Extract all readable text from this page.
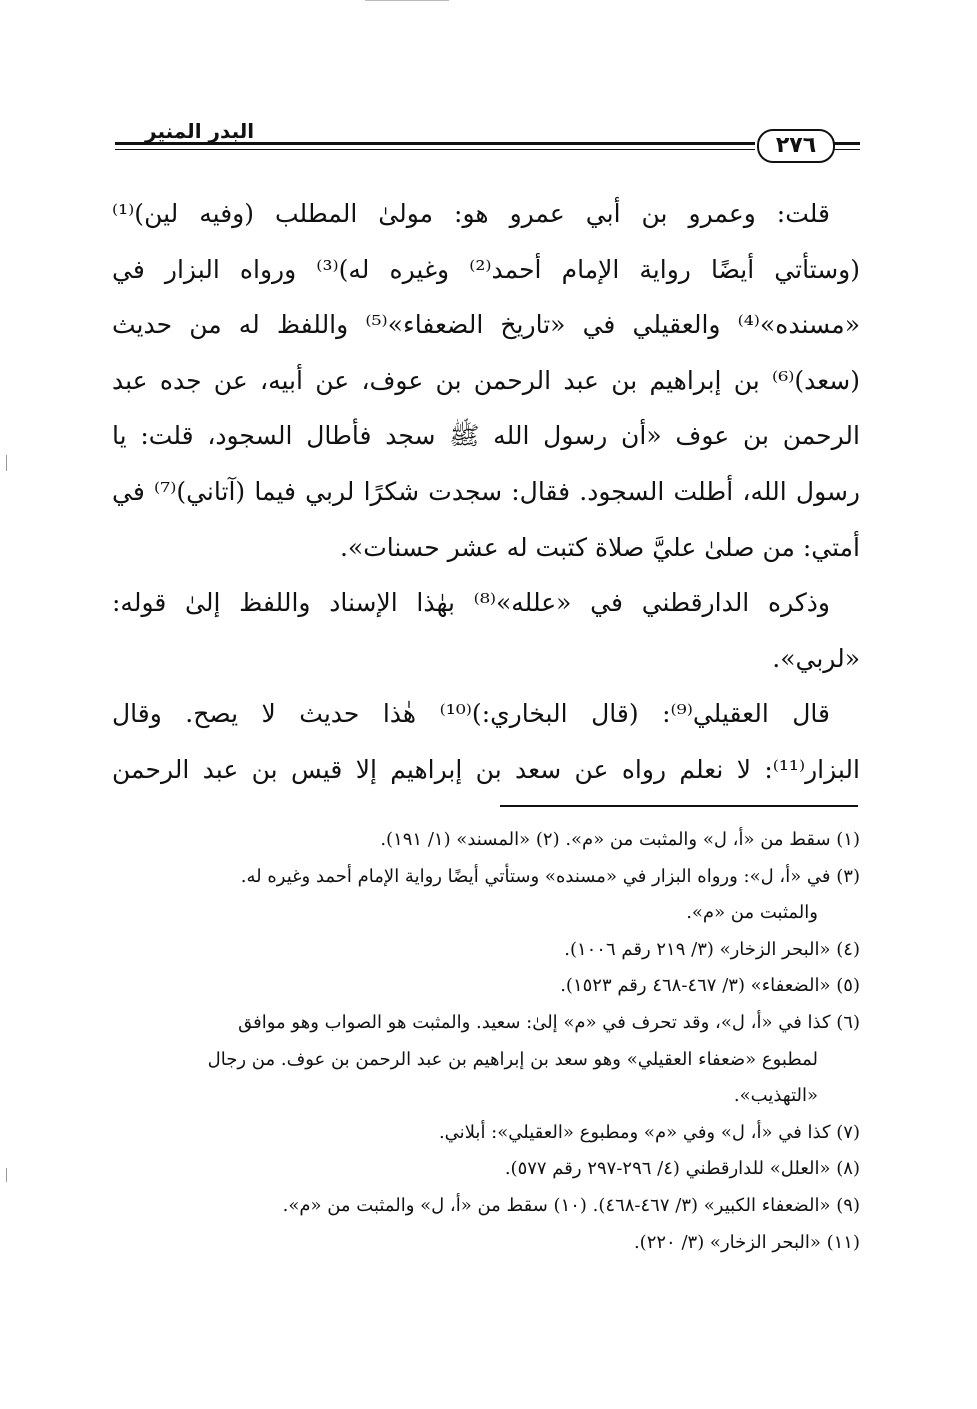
البدر المنير
٢٧٦
قلت: وعمرو بن أبي عمرو هو: مولىٰ المطلب (وفيه لين)⁽¹⁾
(وستأتي أيضًا رواية الإمام أحمد⁽²⁾ وغيره له)⁽³⁾ ورواه البزار في
«مسنده»⁽⁴⁾ والعقيلي في «تاريخ الضعفاء»⁽⁵⁾ واللفظ له من حديث
(سعد)⁽⁶⁾ بن إبراهيم بن عبد الرحمن بن عوف، عن أبيه، عن جده عبد
الرحمن بن عوف «أن رسول الله ﷺ سجد فأطال السجود، قلت: يا
رسول الله، أطلت السجود. فقال: سجدت شكرًا لربي فيما (آتاني)⁽⁷⁾ في
أمتي: من صلىٰ عليَّ صلاة كتبت له عشر حسنات».
وذكره الدارقطني في «علله»⁽⁸⁾ بهٰذا الإسناد واللفظ إلىٰ قوله:
«لربي».
قال العقيلي⁽⁹⁾: (قال البخاري:)⁽¹⁰⁾ هٰذا حديث لا يصح. وقال
البزار⁽¹¹⁾: لا نعلم رواه عن سعد بن إبراهيم إلا قيس بن عبد الرحمن
(١) سقط من «أ، ل» والمثبت من «م». (٢) «المسند» (١/ ١٩١).
(٣) في «أ، ل»: ورواه البزار في «مسنده» وستأتي أيضًا رواية الإمام أحمد وغيره له.
والمثبت من «م».
(٤) «البحر الزخار» (٣/ ٢١٩ رقم ١٠٠٦).
(٥) «الضعفاء» (٣/ ٤٦٧-٤٦٨ رقم ١٥٢٣).
(٦) كذا في «أ، ل»، وقد تحرف في «م» إلىٰ: سعيد. والمثبت هو الصواب وهو موافق
لمطبوع «ضعفاء العقيلي» وهو سعد بن إبراهيم بن عبد الرحمن بن عوف. من رجال
«التهذيب».
(٧) كذا في «أ، ل» وفي «م» ومطبوع «العقيلي»: أبلاني.
(٨) «العلل» للدارقطني (٤/ ٢٩٦-٢٩٧ رقم ٥٧٧).
(٩) «الضعفاء الكبير» (٣/ ٤٦٧-٤٦٨). (١٠) سقط من «أ، ل» والمثبت من «م».
(١١) «البحر الزخار» (٣/ ٢٢٠).
